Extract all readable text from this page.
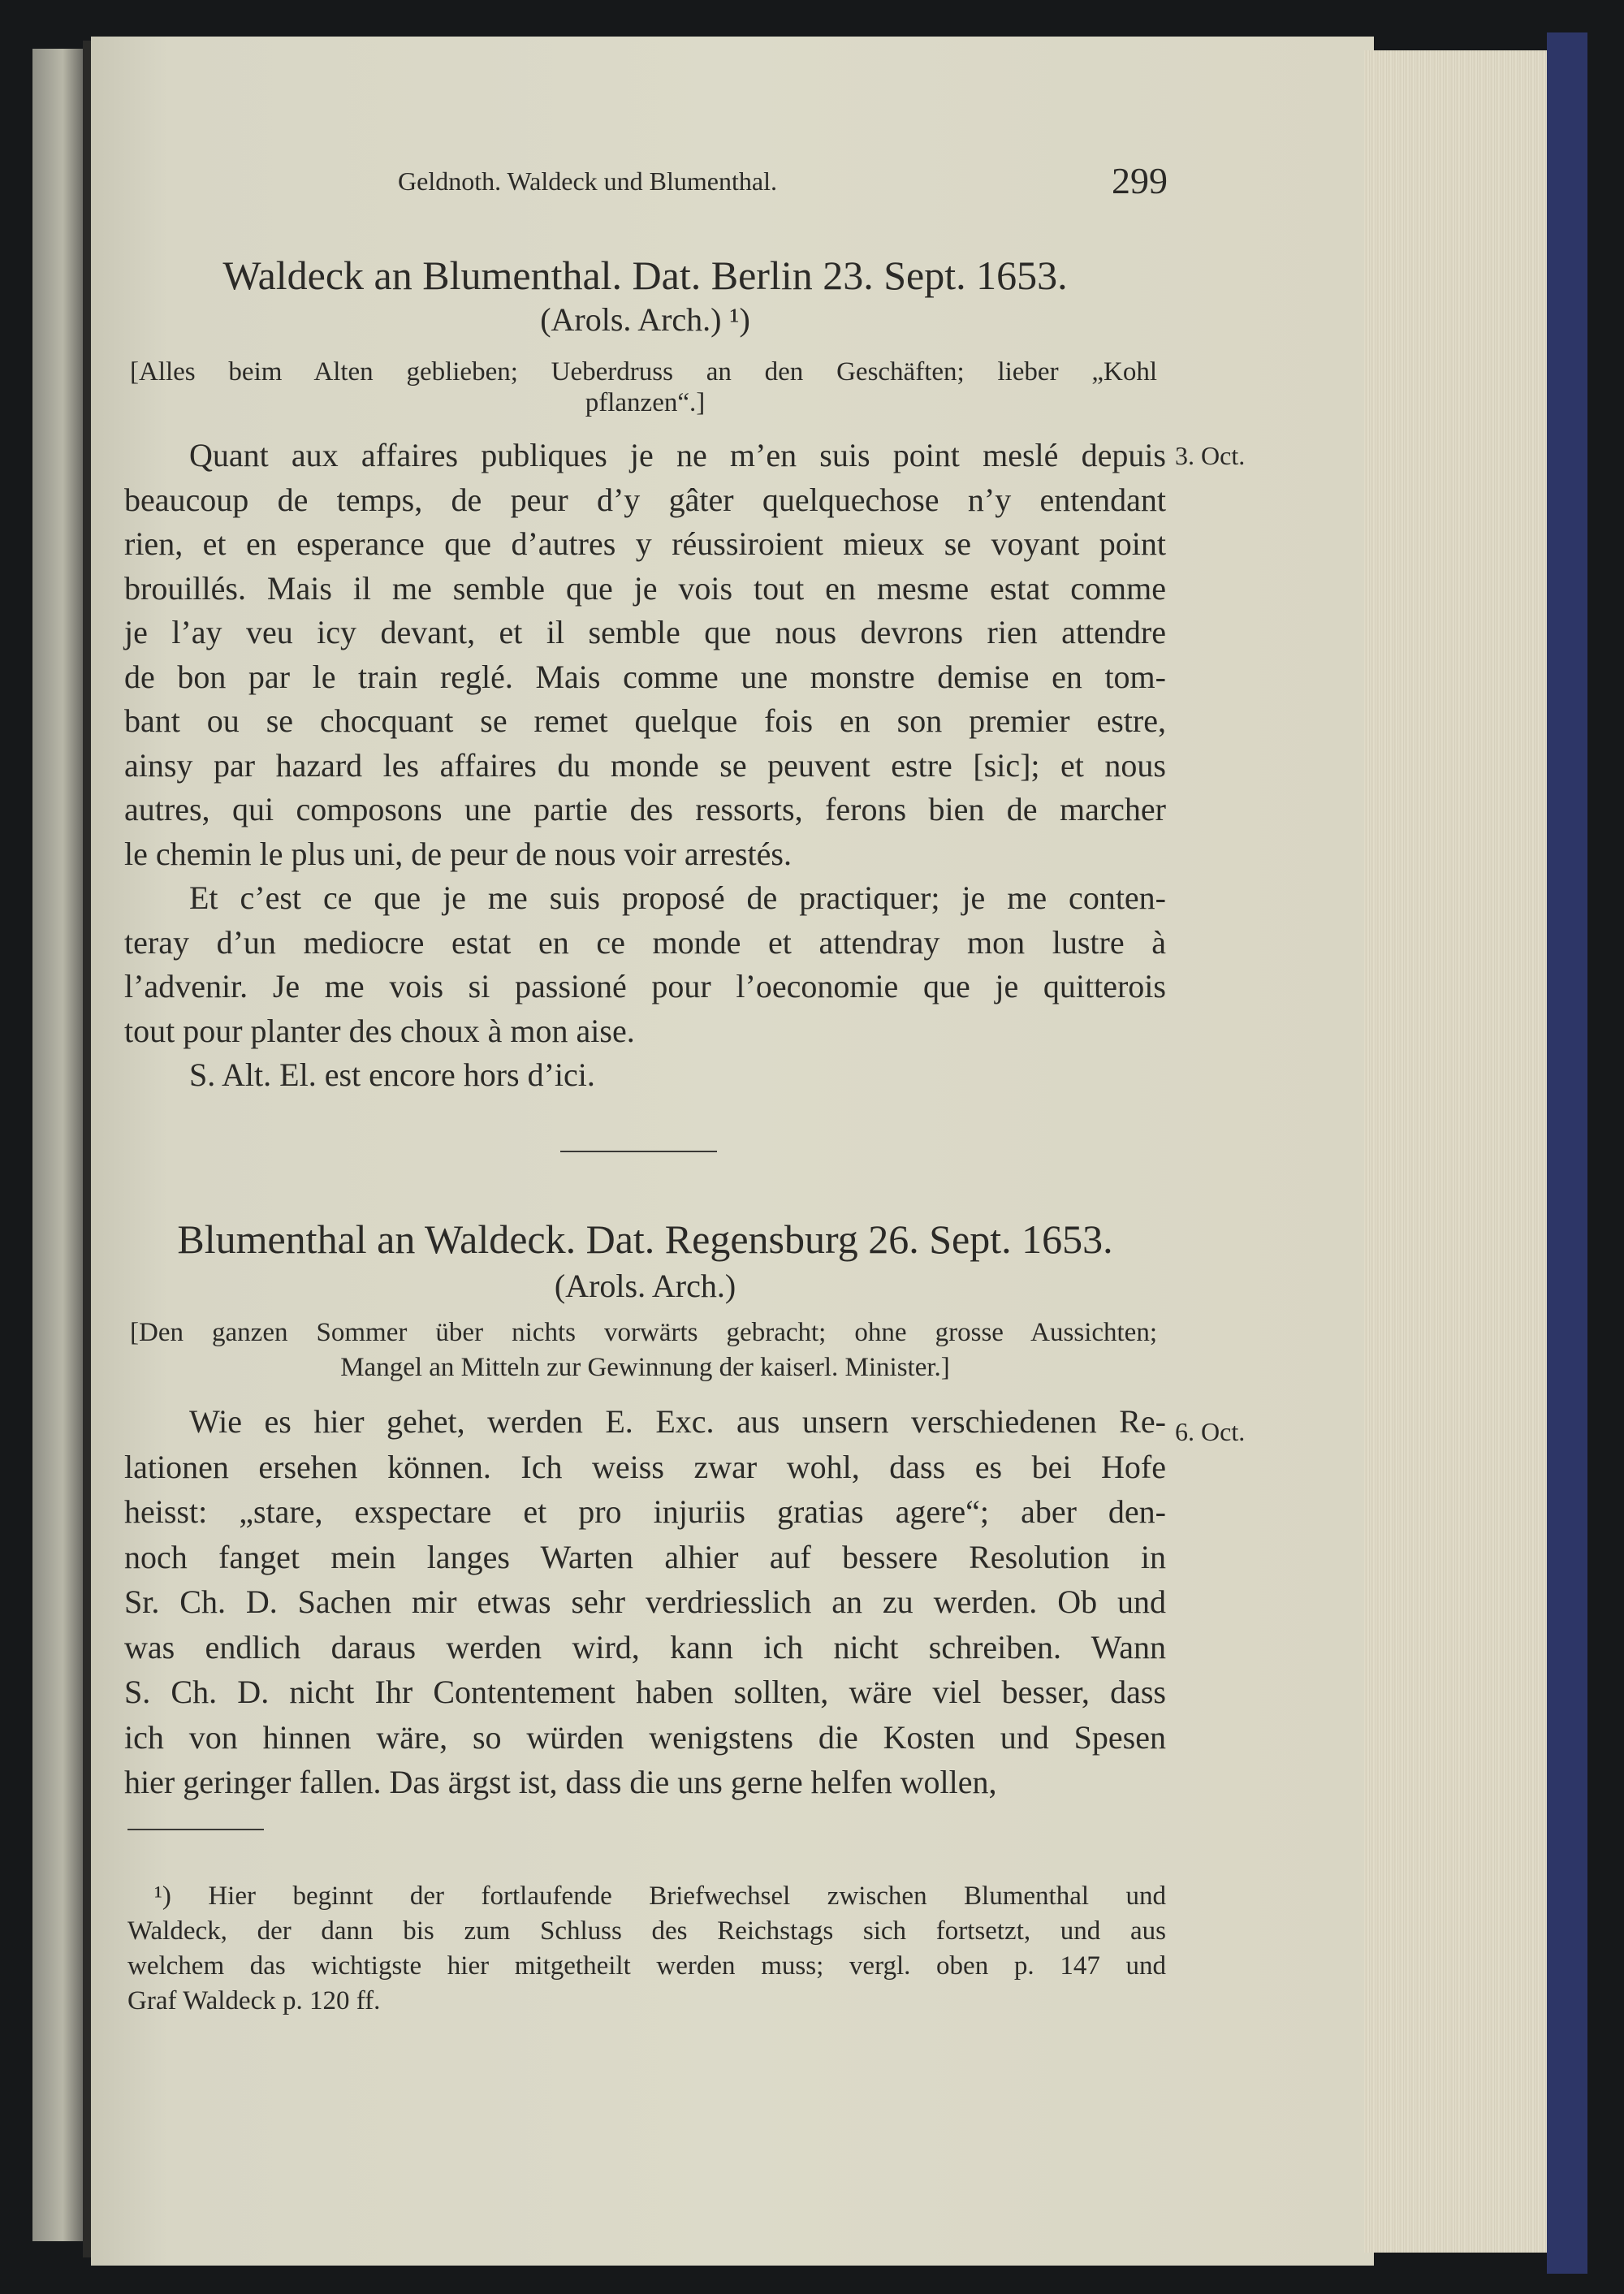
Geldnoth. Waldeck und Blumenthal.	299
Waldeck an Blumenthal. Dat. Berlin 23. Sept. 1653.
(Arols. Arch.) ¹)
[Alles beim Alten geblieben; Ueberdruss an den Geschäften; lieber „Kohl
pflanzen“.]
3. Oct.
Quant aux affaires publiques je ne m’en suis point meslé depuis
beaucoup de temps, de peur d’y gâter quelquechose n’y entendant
rien, et en esperance que d’autres y réussiroient mieux se voyant point
brouillés. Mais il me semble que je vois tout en mesme estat comme
je l’ay veu icy devant, et il semble que nous devrons rien attendre
de bon par le train reglé. Mais comme une monstre demise en tom-
bant ou se chocquant se remet quelque fois en son premier estre,
ainsy par hazard les affaires du monde se peuvent estre [sic]; et nous
autres, qui composons une partie des ressorts, ferons bien de marcher
le chemin le plus uni, de peur de nous voir arrestés.
Et c’est ce que je me suis proposé de practiquer; je me conten-
teray d’un mediocre estat en ce monde et attendray mon lustre à
l’advenir. Je me vois si passioné pour l’oeconomie que je quitterois
tout pour planter des choux à mon aise.
S. Alt. El. est encore hors d’ici.
Blumenthal an Waldeck. Dat. Regensburg 26. Sept. 1653.
(Arols. Arch.)
[Den ganzen Sommer über nichts vorwärts gebracht; ohne grosse Aussichten;
Mangel an Mitteln zur Gewinnung der kaiserl. Minister.]
6. Oct.
Wie es hier gehet, werden E. Exc. aus unsern verschiedenen Re-
lationen ersehen können. Ich weiss zwar wohl, dass es bei Hofe
heisst: „stare, exspectare et pro injuriis gratias agere“; aber den-
noch fanget mein langes Warten alhier auf bessere Resolution in
Sr. Ch. D. Sachen mir etwas sehr verdriesslich an zu werden. Ob und
was endlich daraus werden wird, kann ich nicht schreiben. Wann
S. Ch. D. nicht Ihr Contentement haben sollten, wäre viel besser, dass
ich von hinnen wäre, so würden wenigstens die Kosten und Spesen
hier geringer fallen. Das ärgst ist, dass die uns gerne helfen wollen,
¹) Hier beginnt der fortlaufende Briefwechsel zwischen Blumenthal und
Waldeck, der dann bis zum Schluss des Reichstags sich fortsetzt, und aus
welchem das wichtigste hier mitgetheilt werden muss; vergl. oben p. 147 und
Graf Waldeck p. 120 ff.
